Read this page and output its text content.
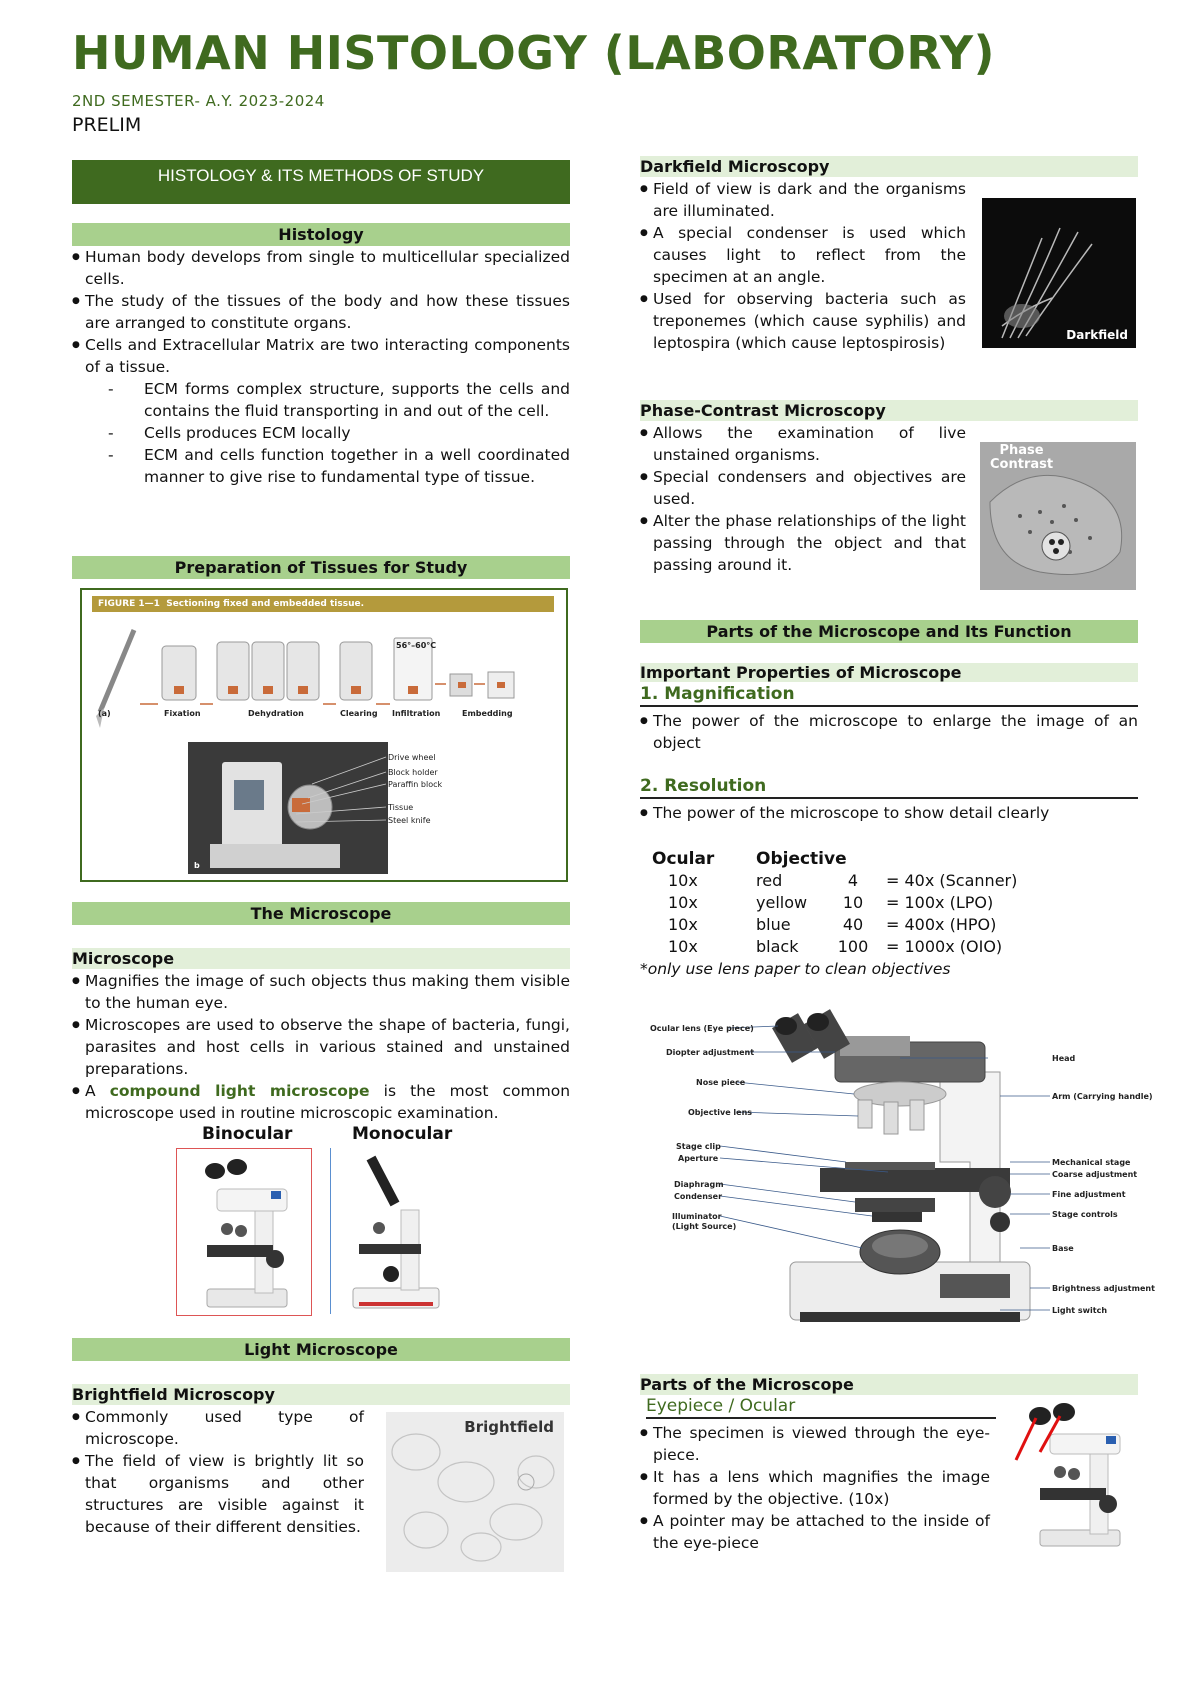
HUMAN HISTOLOGY (LABORATORY)
2ND SEMESTER- A.Y. 2023-2024
PRELIM
HISTOLOGY & ITS METHODS OF STUDY
Histology
● Human body develops from single to multicellular specialized cells.
● The study of the tissues of the body and how these tissues are arranged to constitute organs.
● Cells and Extracellular Matrix are two interacting components of a tissue.
- ECM forms complex structure, supports the cells and contains the fluid transporting in and out of the cell.
- Cells produces ECM locally
- ECM and cells function together in a well coordinated manner to give rise to fundamental type of tissue.
Preparation of Tissues for Study
FIGURE 1—1 Sectioning fixed and embedded tissue.
56°–60°C
(a)	Fixation	Dehydration	Clearing Infiltration	Embedding
Drive wheel
Block holder
Paraffin block
Tissue
Steel knife
b
The Microscope
Microscope
● Magnifies the image of such objects thus making them visible to the human eye.
● Microscopes are used to observe the shape of bacteria, fungi, parasites and host cells in various stained and unstained preparations.
● A compound light microscope is the most common microscope used in routine microscopic examination.
Binocular	Monocular
Light Microscope
Brightfield Microscopy
● Commonly used type of microscope.
● The field of view is brightly lit so that organisms and other structures are visible against it because of their different densities.
Brightfield
Darkfield Microscopy
● Field of view is dark and the organisms are illuminated.
● A special condenser is used which causes light to reflect from the specimen at an angle.
● Used for observing bacteria such as treponemes (which cause syphilis) and leptospira (which cause leptospirosis)	Darkfield
Phase-Contrast Microscopy
● Allows the examination of live unstained organisms.
● Special condensers and objectives are used.
● Alter the phase relationships of the light passing through the object and that passing around it.
Phase
Contrast
Parts of the Microscope and Its Function
Important Properties of Microscope
1. Magnification
● The power of the microscope to enlarge the image of an object
2. Resolution
● The power of the microscope to show detail clearly
Ocular	Objective		
10x	red	4	= 40x (Scanner)
10x	yellow	10	= 100x (LPO)
10x	blue	40	= 400x (HPO)
10x	black	100	= 1000x (OIO)
*only use lens paper to clean objectives
Ocular lens (Eye piece)
Diopter adjustment
Nose piece
Objective lens
Stage clip
Aperture
Diaphragm
Condenser
Illuminator
(Light Source)
Head
Arm (Carrying handle)
Mechanical stage
Coarse adjustment
Fine adjustment
Stage controls
Base
Brightness adjustment
Light switch
Parts of the Microscope
Eyepiece / Ocular
● The specimen is viewed through the eye-piece.
● It has a lens which magnifies the image formed by the objective. (10x)
● A pointer may be attached to the inside of the eye-piece
